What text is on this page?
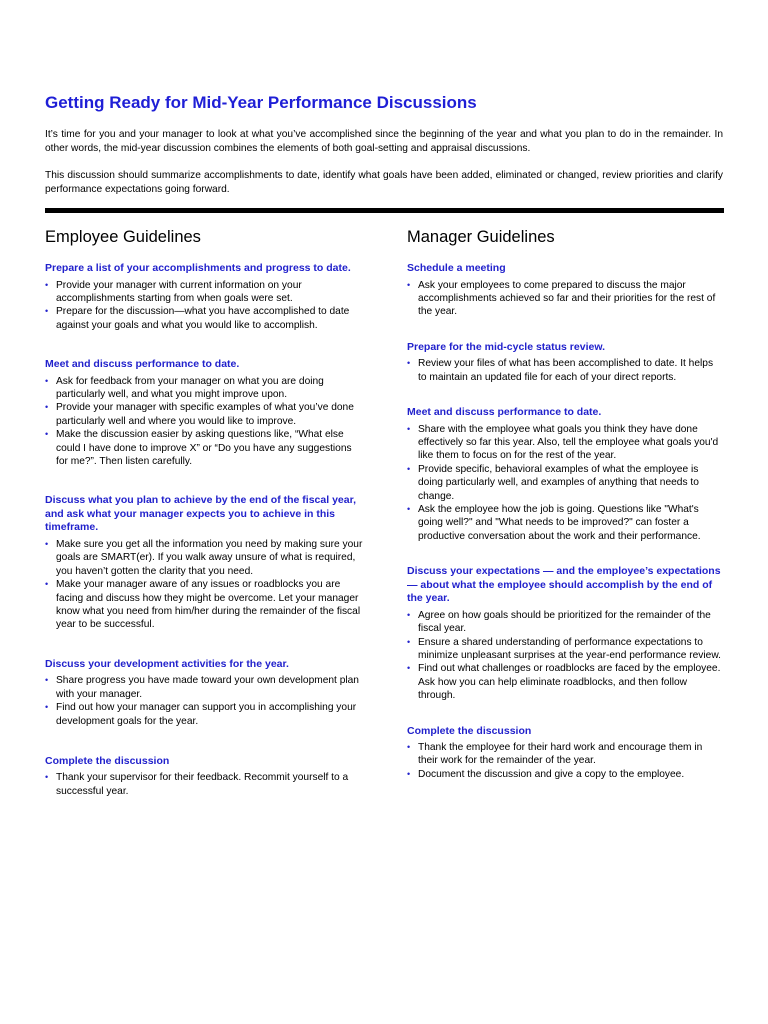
Getting Ready for Mid-Year Performance Discussions

It’s time for you and your manager to look at what you’ve accomplished since the beginning of the year and what you plan to do in the remainder. In other words, the mid-year discussion combines the elements of both goal-setting and appraisal discussions.

This discussion should summarize accomplishments to date, identify what goals have been added, eliminated or changed, review priorities and clarify performance expectations going forward.

Employee Guidelines
Prepare a list of your accomplishments and progress to date.
• Provide your manager with current information on your accomplishments starting from when goals were set.
• Prepare for the discussion—what you have accomplished to date against your goals and what you would like to accomplish.
Meet and discuss performance to date.
• Ask for feedback from your manager on what you are doing particularly well, and what you might improve upon.
• Provide your manager with specific examples of what you’ve done particularly well and where you would like to improve.
• Make the discussion easier by asking questions like, “What else could I have done to improve X” or “Do you have any suggestions for me?”. Then listen carefully.
Discuss what you plan to achieve by the end of the fiscal year, and ask what your manager expects you to achieve in this timeframe.
• Make sure you get all the information you need by making sure your goals are SMART(er). If you walk away unsure of what is required, you haven’t gotten the clarity that you need.
• Make your manager aware of any issues or roadblocks you are facing and discuss how they might be overcome. Let your manager know what you need from him/her during the remainder of the fiscal year to be successful.
Discuss your development activities for the year.
• Share progress you have made toward your own development plan with your manager.
• Find out how your manager can support you in accomplishing your development goals for the year.
Complete the discussion
• Thank your supervisor for their feedback. Recommit yourself to a successful year.
Manager Guidelines
Schedule a meeting
• Ask your employees to come prepared to discuss the major accomplishments achieved so far and their priorities for the rest of the year.
Prepare for the mid-cycle status review.
• Review your files of what has been accomplished to date. It helps to maintain an updated file for each of your direct reports.
Meet and discuss performance to date.
• Share with the employee what goals you think they have done effectively so far this year. Also, tell the employee what goals you'd like them to focus on for the rest of the year.
• Provide specific, behavioral examples of what the employee is doing particularly well, and examples of anything that needs to change.
• Ask the employee how the job is going. Questions like "What's going well?" and "What needs to be improved?" can foster a productive conversation about the work and their performance.
Discuss your expectations — and the employee’s expectations — about what the employee should accomplish by the end of the year.
• Agree on how goals should be prioritized for the remainder of the fiscal year.
• Ensure a shared understanding of performance expectations to minimize unpleasant surprises at the year-end performance review.
• Find out what challenges or roadblocks are faced by the employee. Ask how you can help eliminate roadblocks, and then follow through.
Complete the discussion
• Thank the employee for their hard work and encourage them in their work for the remainder of the year.
• Document the discussion and give a copy to the employee.
